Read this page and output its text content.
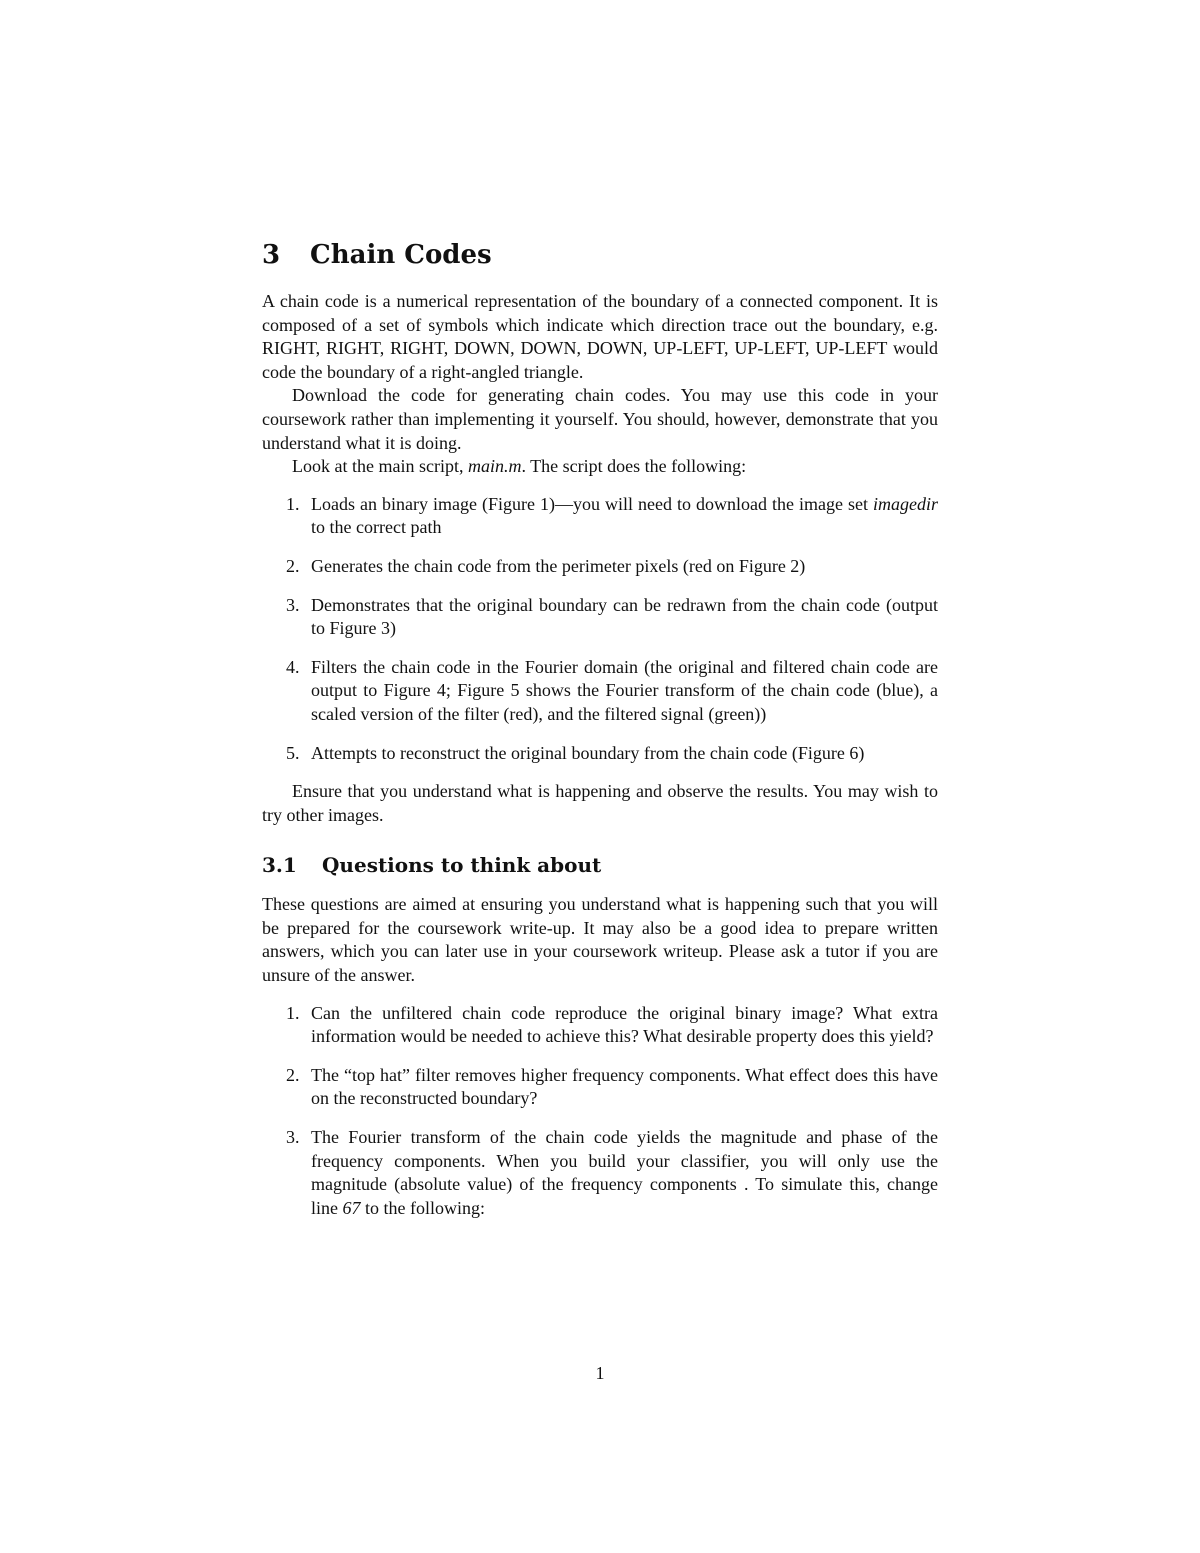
3	Chain Codes

A chain code is a numerical representation of the boundary of a connected component. It is composed of a set of symbols which indicate which direction trace out the boundary, e.g. RIGHT, RIGHT, RIGHT, DOWN, DOWN, DOWN, UP-LEFT, UP-LEFT, UP-LEFT would code the boundary of a right-angled triangle.

Download the code for generating chain codes. You may use this code in your coursework rather than implementing it yourself. You should, however, demonstrate that you understand what it is doing.

Look at the main script, main.m. The script does the following:

1. Loads an binary image (Figure 1)—you will need to download the image set imagedir to the correct path
2. Generates the chain code from the perimeter pixels (red on Figure 2)
3. Demonstrates that the original boundary can be redrawn from the chain code (output to Figure 3)
4. Filters the chain code in the Fourier domain (the original and filtered chain code are output to Figure 4; Figure 5 shows the Fourier transform of the chain code (blue), a scaled version of the filter (red), and the filtered signal (green))
5. Attempts to reconstruct the original boundary from the chain code (Figure 6)

Ensure that you understand what is happening and observe the results. You may wish to try other images.

3.1	Questions to think about

These questions are aimed at ensuring you understand what is happening such that you will be prepared for the coursework write-up. It may also be a good idea to prepare written answers, which you can later use in your coursework writeup. Please ask a tutor if you are unsure of the answer.

1. Can the unfiltered chain code reproduce the original binary image? What extra information would be needed to achieve this? What desirable property does this yield?
2. The “top hat” filter removes higher frequency components. What effect does this have on the reconstructed boundary?
3. The Fourier transform of the chain code yields the magnitude and phase of the frequency components. When you build your classifier, you will only use the magnitude (absolute value) of the frequency components . To simulate this, change line 67 to the following:
1
